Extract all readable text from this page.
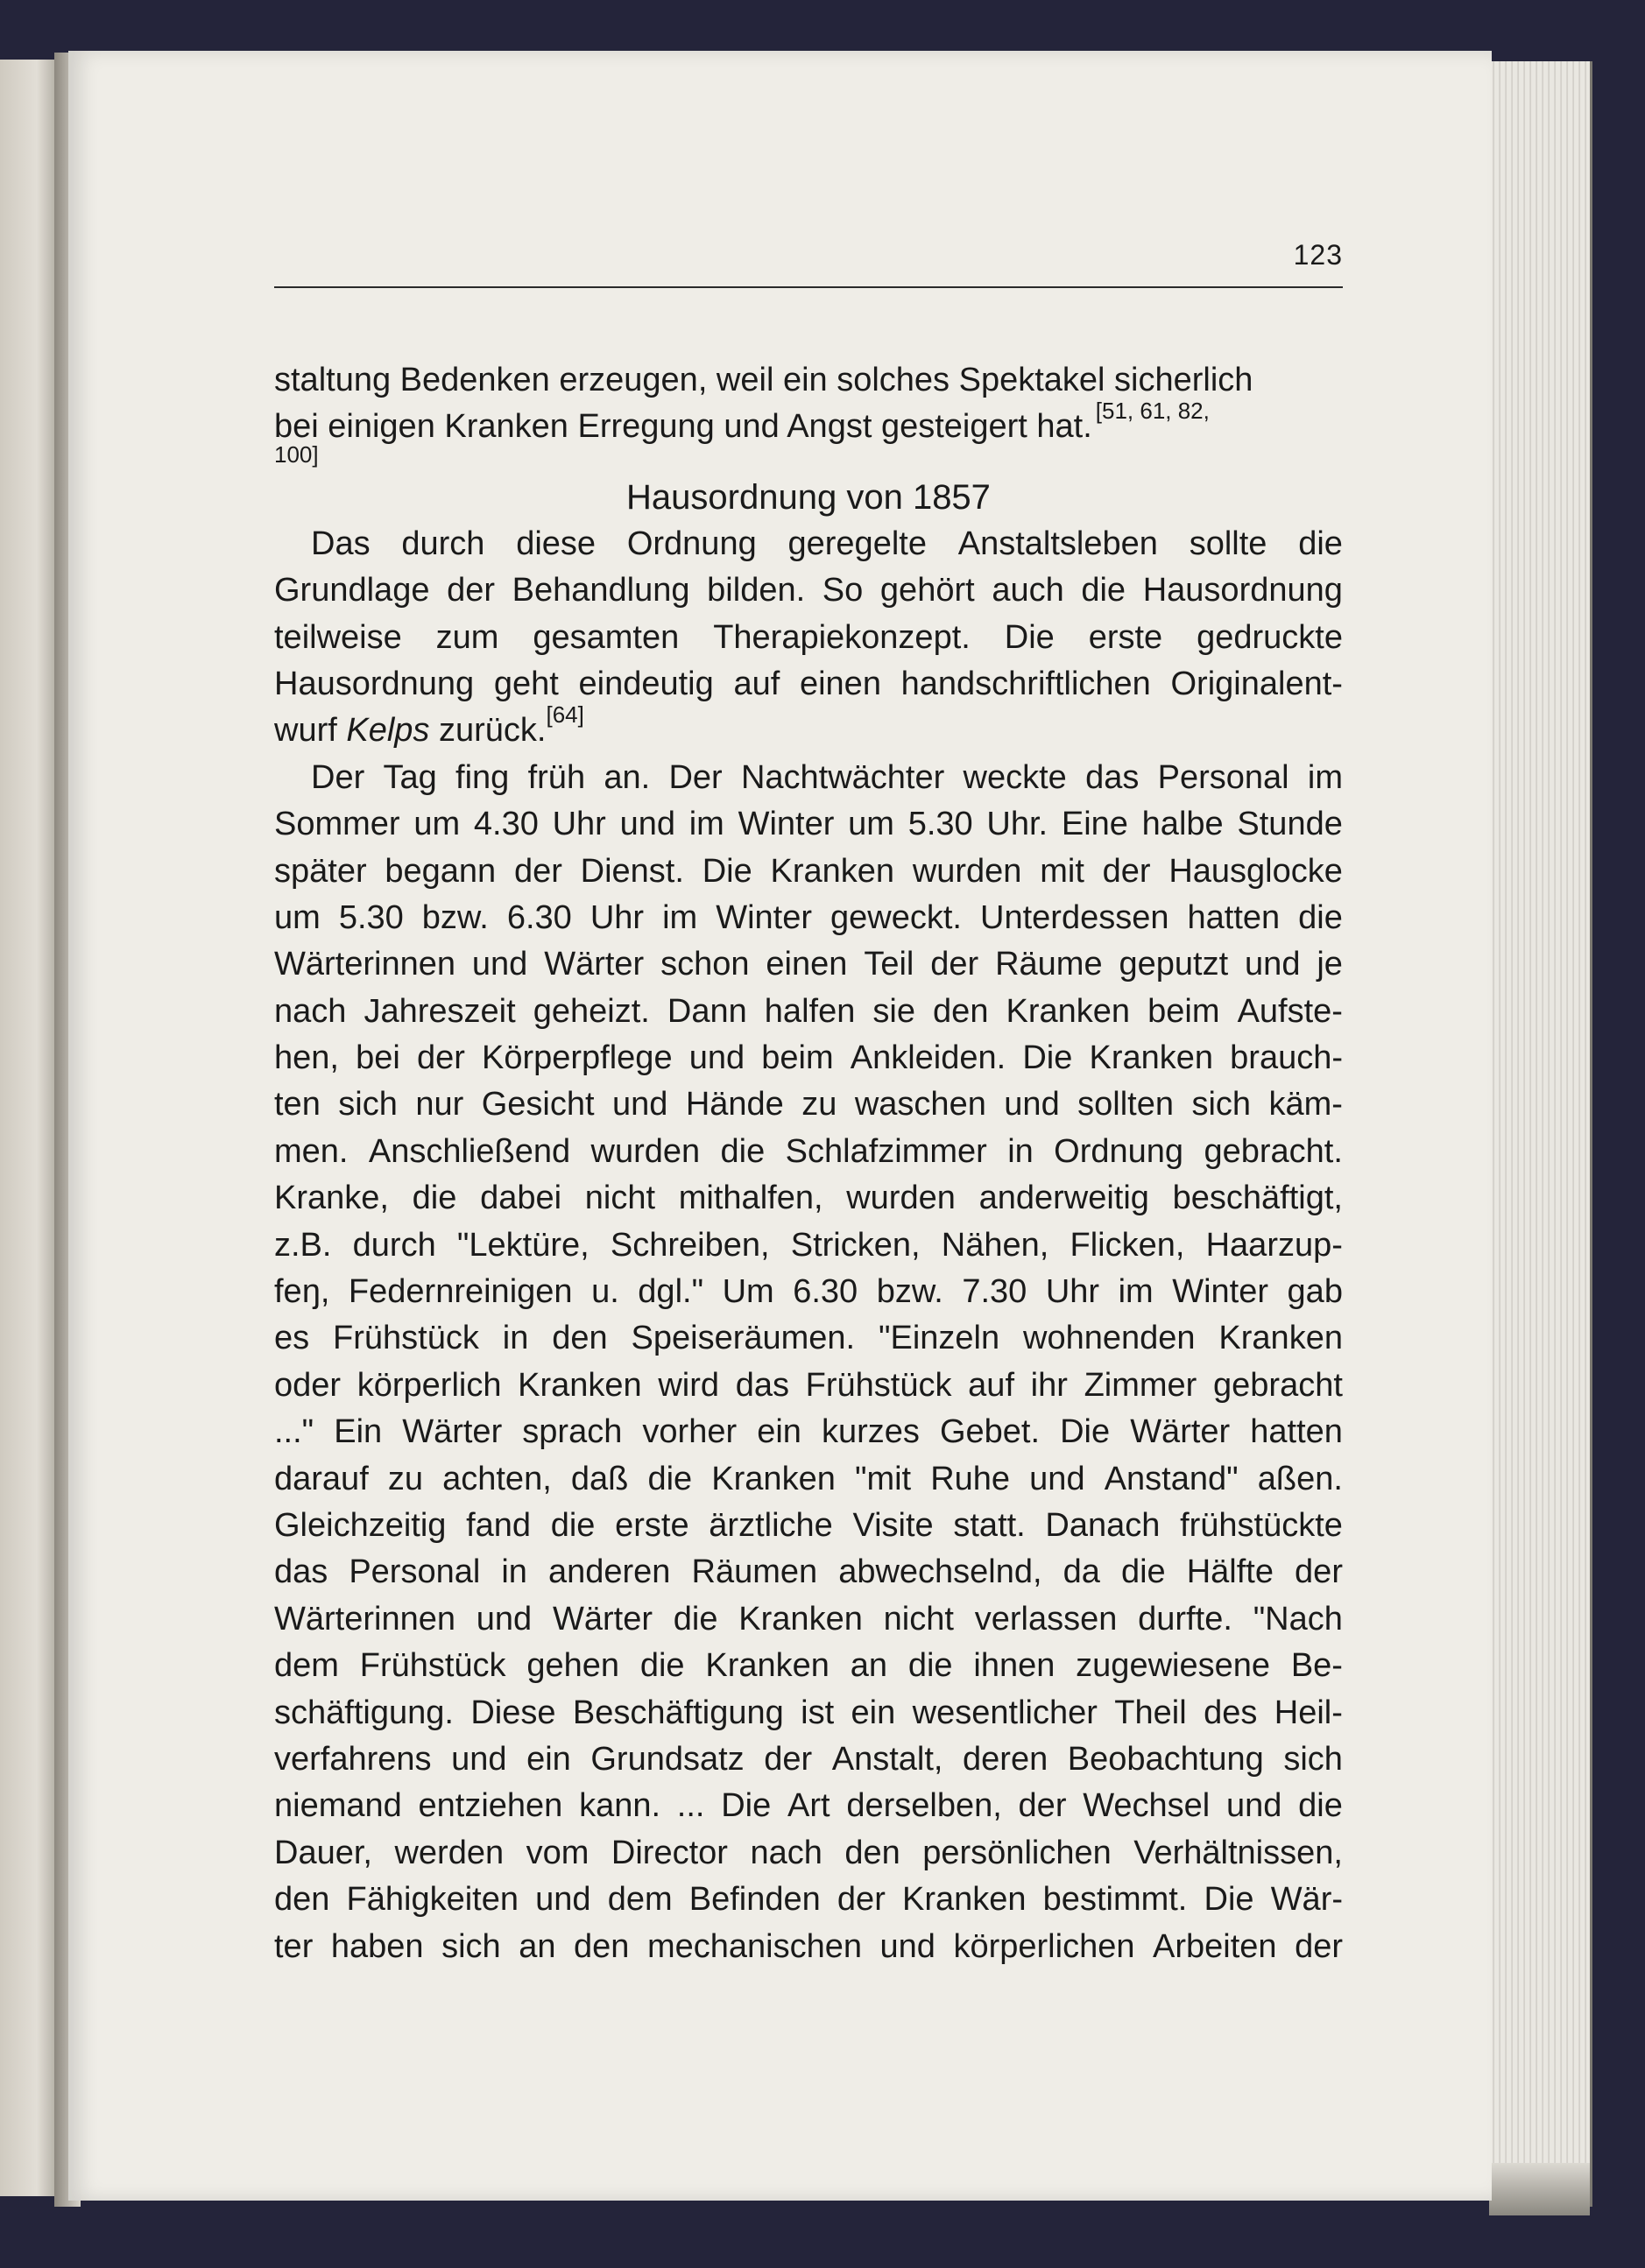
123
staltung Bedenken erzeugen, weil ein solches Spektakel sicherlich
bei einigen Kranken Erregung und Angst gesteigert hat. [51, 61, 82,
100]
Hausordnung von 1857
Das durch diese Ordnung geregelte Anstaltsleben sollte die
Grundlage der Behandlung bilden. So gehört auch die Hausordnung
teilweise zum gesamten Therapiekonzept. Die erste gedruckte
Hausordnung geht eindeutig auf einen handschriftlichen Originalent-
wurf
Kelps
zurück. [64]
Der Tag fing früh an. Der Nachtwächter weckte das Personal im
Sommer um 4.30 Uhr und im Winter um 5.30 Uhr. Eine halbe Stunde
später begann der Dienst. Die Kranken wurden mit der Hausglocke
um 5.30 bzw. 6.30 Uhr im Winter geweckt. Unterdessen hatten die
Wärterinnen und Wärter schon einen Teil der Räume geputzt und je
nach Jahreszeit geheizt. Dann halfen sie den Kranken beim Aufste-
hen, bei der Körperpflege und beim Ankleiden. Die Kranken brauch-
ten sich nur Gesicht und Hände zu waschen und sollten sich käm-
men. Anschließend wurden die Schlafzimmer in Ordnung gebracht.
Kranke, die dabei nicht mithalfen, wurden anderweitig beschäftigt,
z.B. durch "Lektüre, Schreiben, Stricken, Nähen, Flicken, Haarzup-
feŋ, Federnreinigen u. dgl." Um 6.30 bzw. 7.30 Uhr im Winter gab
es Frühstück in den Speiseräumen. "Einzeln wohnenden Kranken
oder körperlich Kranken wird das Frühstück auf ihr Zimmer gebracht
..." Ein Wärter sprach vorher ein kurzes Gebet. Die Wärter hatten
darauf zu achten, daß die Kranken "mit Ruhe und Anstand" aßen.
Gleichzeitig fand die erste ärztliche Visite statt. Danach frühstückte
das Personal in anderen Räumen abwechselnd, da die Hälfte der
Wärterinnen und Wärter die Kranken nicht verlassen durfte. "Nach
dem Frühstück gehen die Kranken an die ihnen zugewiesene Be-
schäftigung. Diese Beschäftigung ist ein wesentlicher Theil des Heil-
verfahrens und ein Grundsatz der Anstalt, deren Beobachtung sich
niemand entziehen kann. ... Die Art derselben, der Wechsel und die
Dauer, werden vom Director nach den persönlichen Verhältnissen,
den Fähigkeiten und dem Befinden der Kranken bestimmt. Die Wär-
ter haben sich an den mechanischen und körperlichen Arbeiten der
